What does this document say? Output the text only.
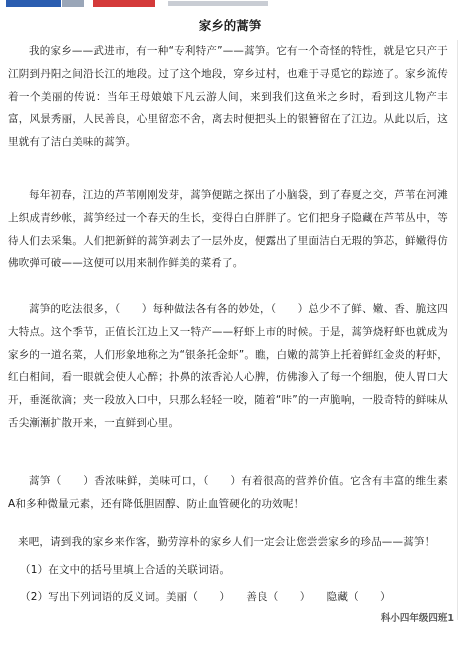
家乡的蒿笋

我的家乡——武进市，有一种“专利特产”——蒿笋。它有一个奇怪的特性，就是它只产于江阴到丹阳之间沿长江的地段。过了这个地段，穿乡过村，也难于寻觅它的踪迹了。家乡流传着一个美丽的传说：当年王母娘娘下凡云游人间，来到我们这鱼米之乡时，看到这儿物产丰富，风景秀丽，人民善良，心里留恋不舍，离去时便把头上的银簪留在了江边。从此以后，这里就有了洁白美味的蒿笋。

每年初春，江边的芦苇刚刚发芽，蒿笋便踮之探出了小脑袋，到了春夏之交，芦苇在河滩上织成青纱帐，蒿笋经过一个春天的生长，变得白白胖胖了。它们把身子隐藏在芦苇丛中，等待人们去采集。人们把新鲜的蒿笋剥去了一层外皮，便露出了里面洁白无瑕的笋芯，鲜嫩得仿佛吹弹可破——这便可以用来制作鲜美的菜肴了。

蒿笋的吃法很多，（　　）每种做法各有各的妙处，（　　）总少不了鲜、嫩、香、脆这四大特点。这个季节，正值长江边上又一特产——籽虾上市的时候。于是，蒿笋烧籽虾也就成为家乡的一道名菜，人们形象地称之为“银条托金虾”。瞧，白嫩的蒿笋上托着鲜红金炎的籽虾，红白相间，看一眼就会使人心醉；扑鼻的浓香沁人心脾，仿佛渗入了每一个细胞，使人胃口大开，垂涎欲滴；夹一段放入口中，只那么轻轻一咬，随着“咔”的一声脆响，一股奇特的鲜味从舌尖漸漸扩散开来，一直鲜到心里。

蒿笋（　　）香浓味鲜，美味可口，（　　）有着很高的营养价值。它含有丰富的维生素A和多种微量元素，还有降低胆固醇、防止血管硬化的功效呢！

来吧，请到我的家乡来作客，勤劳淳朴的家乡人们一定会让您尝尝家乡的珍品——蒿笋！

（1）在文中的括号里填上合适的关联词语。

（2）写出下列词语的反义词。美丽（　　）　　善良（　　）　　隐藏（　　）

科小四年级四班1
